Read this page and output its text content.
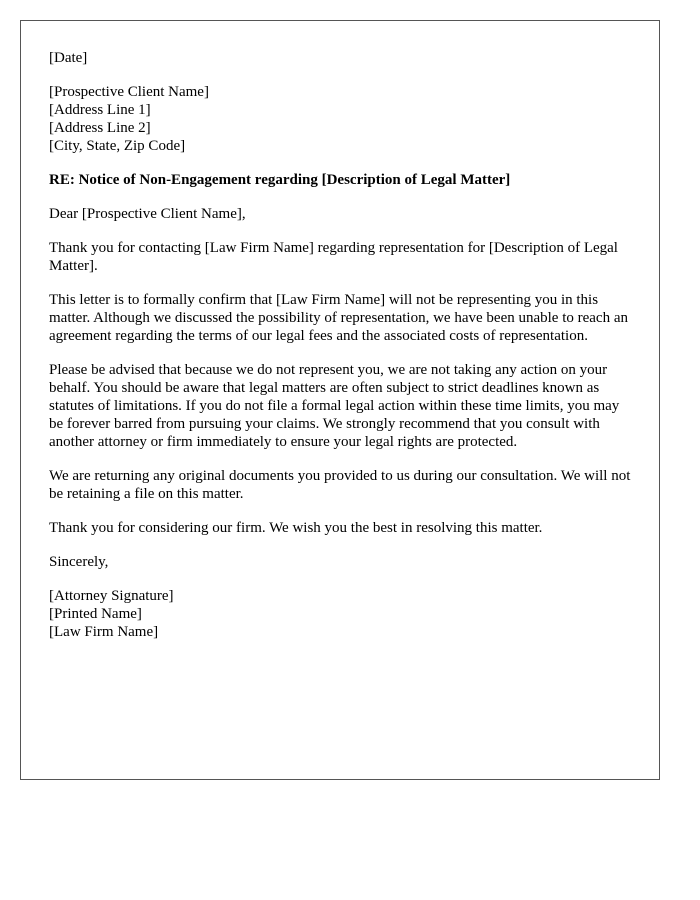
[Date]
[Prospective Client Name]
[Address Line 1]
[Address Line 2]
[City, State, Zip Code]
RE: Notice of Non-Engagement regarding [Description of Legal Matter]
Dear [Prospective Client Name],

Thank you for contacting [Law Firm Name] regarding representation for [Description of Legal Matter].

This letter is to formally confirm that [Law Firm Name] will not be representing you in this matter. Although we discussed the possibility of representation, we have been unable to reach an agreement regarding the terms of our legal fees and the associated costs of representation.

Please be advised that because we do not represent you, we are not taking any action on your behalf. You should be aware that legal matters are often subject to strict deadlines known as statutes of limitations. If you do not file a formal legal action within these time limits, you may be forever barred from pursuing your claims. We strongly recommend that you consult with another attorney or firm immediately to ensure your legal rights are protected.

We are returning any original documents you provided to us during our consultation. We will not be retaining a file on this matter.

Thank you for considering our firm. We wish you the best in resolving this matter.

Sincerely,
[Attorney Signature]
[Printed Name]
[Law Firm Name]
